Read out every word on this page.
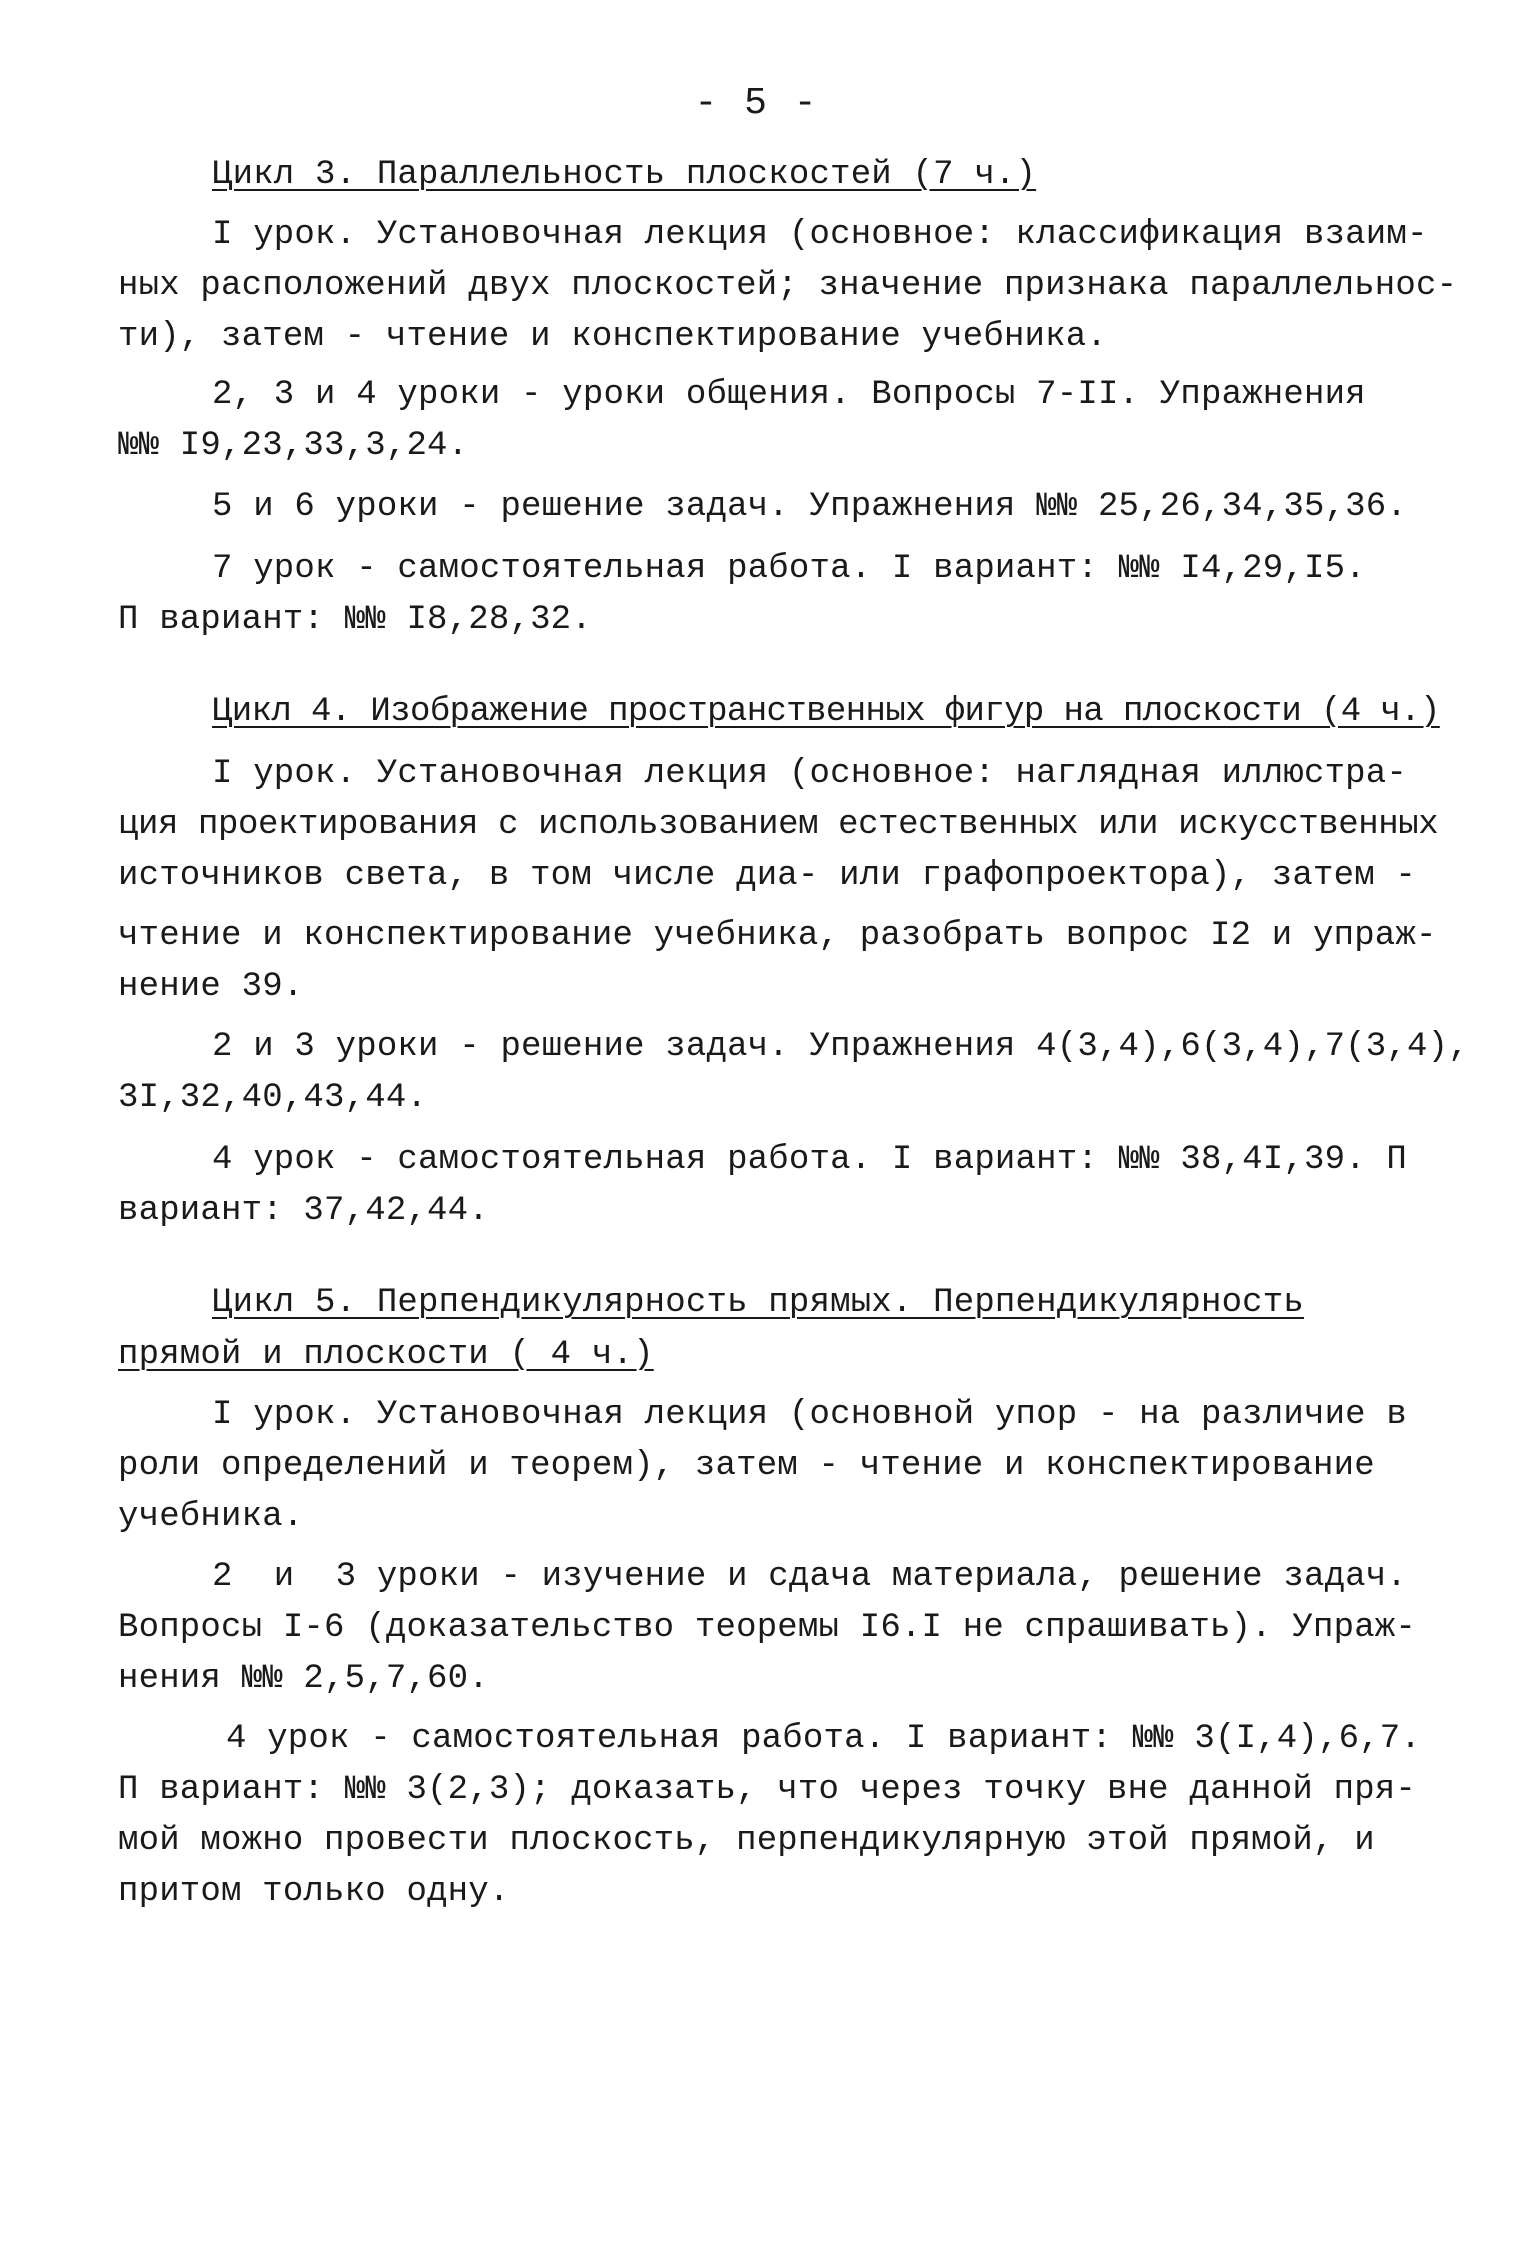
- 5 -
Цикл 3. Параллельность плоскостей (7 ч.)
I урок. Установочная лекция (основное: классификация взаим-
ных расположений двух плоскостей; значение признака параллельнос-
ти), затем - чтение и конспектирование учебника.
2, 3 и 4 уроки - уроки общения. Вопросы 7-II. Упражнения
№№ I9,23,33,3,24.
5 и 6 уроки - решение задач. Упражнения №№ 25,26,34,35,36.
7 урок - самостоятельная работа. I вариант: №№ I4,29,I5.
П вариант: №№ I8,28,32.
Цикл 4. Изображение пространственных фигур на плоскости (4 ч.)
I урок. Установочная лекция (основное: наглядная иллюстра-
ция проектирования с использованием естественных или искусственных
источников света, в том числе диа- или графопроектора), затем -
чтение и конспектирование учебника, разобрать вопрос I2 и упраж-
нение 39.
2 и 3 уроки - решение задач. Упражнения 4(3,4),6(3,4),7(3,4),
3I,32,40,43,44.
4 урок - самостоятельная работа. I вариант: №№ 38,4I,39. П
вариант: 37,42,44.
Цикл 5. Перпендикулярность прямых. Перпендикулярность
прямой и плоскости ( 4 ч.)
I урок. Установочная лекция (основной упор - на различие в
роли определений и теорем), затем - чтение и конспектирование
учебника.
2  и  3 уроки - изучение и сдача материала, решение задач.
Вопросы I-6 (доказательство теоремы I6.I не спрашивать). Упраж-
нения №№ 2,5,7,60.
4 урок - самостоятельная работа. I вариант: №№ 3(I,4),6,7.
П вариант: №№ 3(2,3); доказать, что через точку вне данной пря-
мой можно провести плоскость, перпендикулярную этой прямой, и
притом только одну.
